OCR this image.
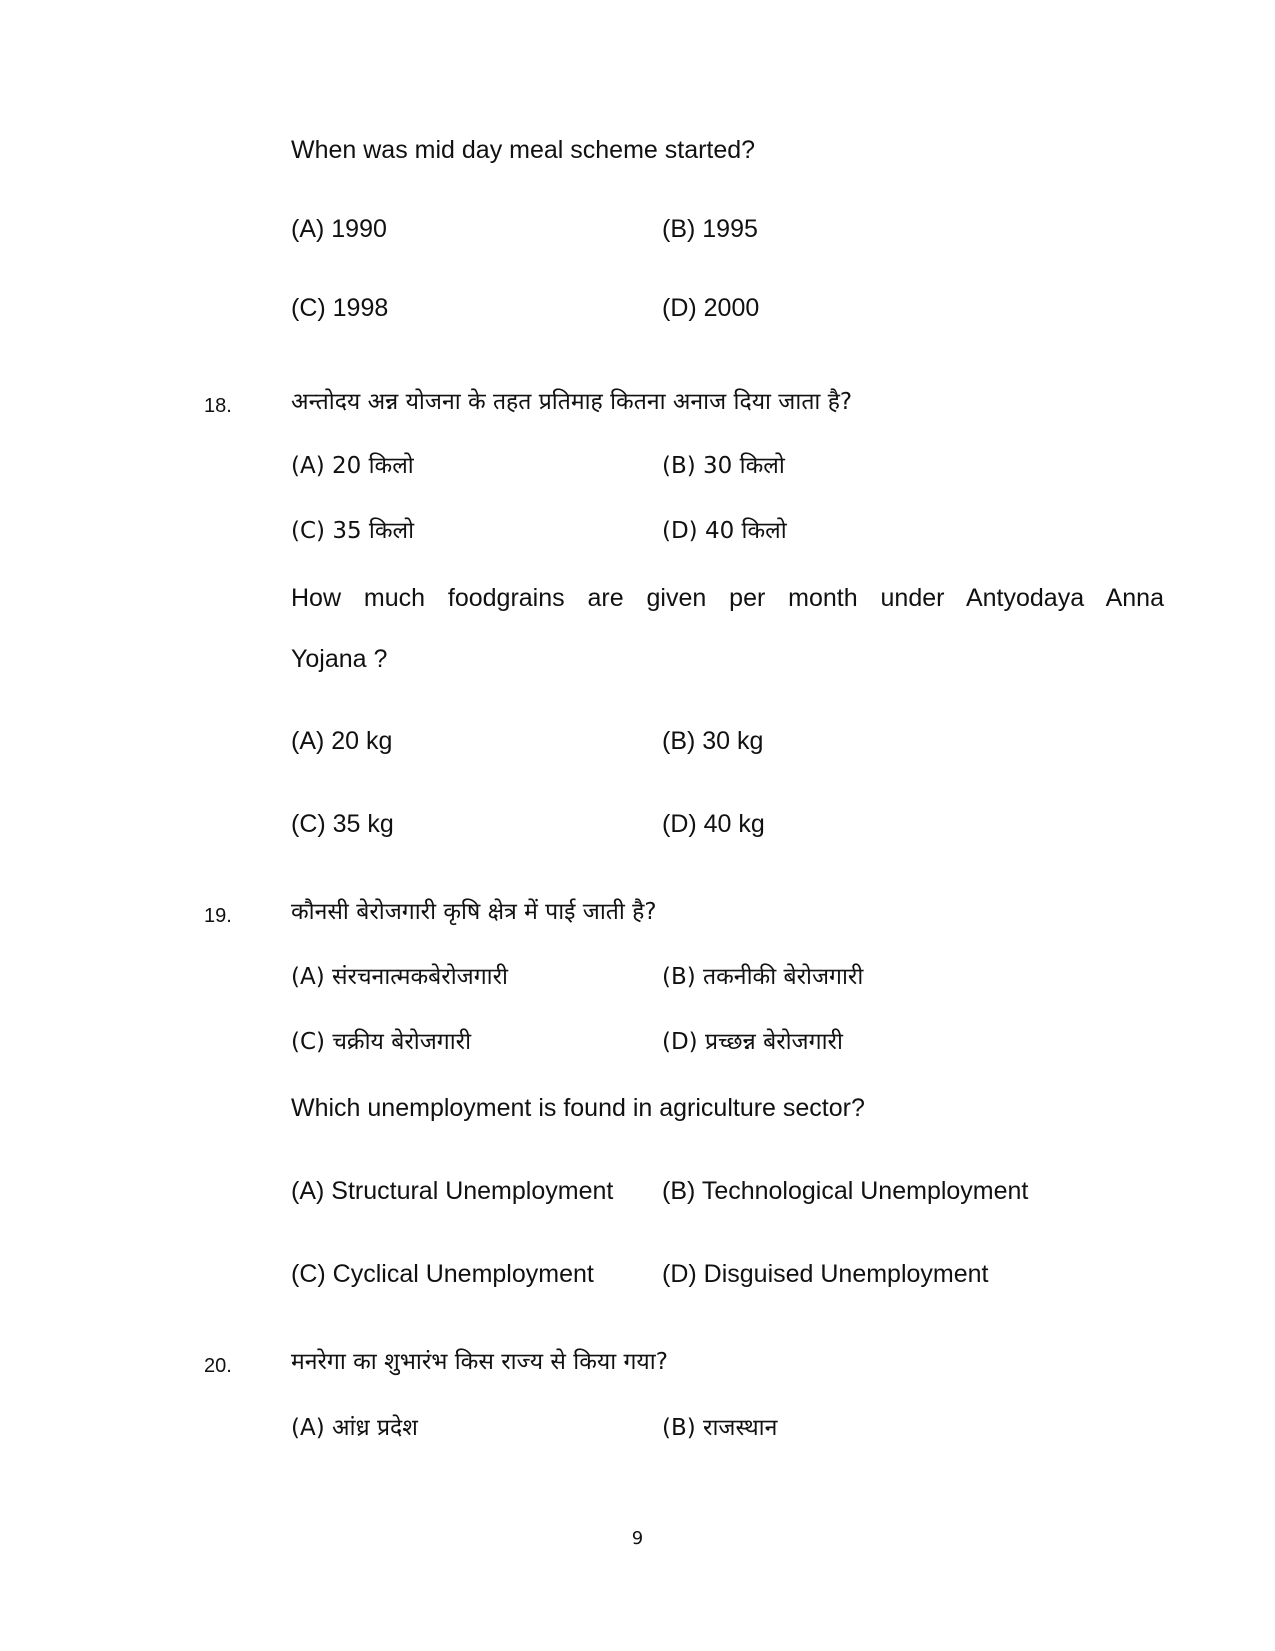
When was mid day meal scheme started?
(A) 1990	(B) 1995
(C) 1998	(D) 2000
18.	अन्तोदय अन्न योजना के तहत प्रतिमाह कितना अनाज दिया जाता है?
(A) 20 किलो	(B) 30 किलो
(C) 35 किलो	(D) 40 किलो
How much foodgrains are given per month under Antyodaya Anna
Yojana ?
(A) 20 kg	(B) 30 kg
(C) 35 kg	(D) 40 kg
19.	कौनसी बेरोजगारी कृषि क्षेत्र में पाई जाती है?
(A) संरचनात्मकबेरोजगारी	(B) तकनीकी बेरोजगारी
(C) चक्रीय बेरोजगारी	(D) प्रच्छन्न बेरोजगारी
Which unemployment is found in agriculture sector?
(A) Structural Unemployment (B) Technological Unemployment
(C) Cyclical Unemployment	(D) Disguised Unemployment
20.	मनरेगा का शुभारंभ किस राज्य से किया गया?
(A) आंध्र प्रदेश	(B) राजस्थान
9
